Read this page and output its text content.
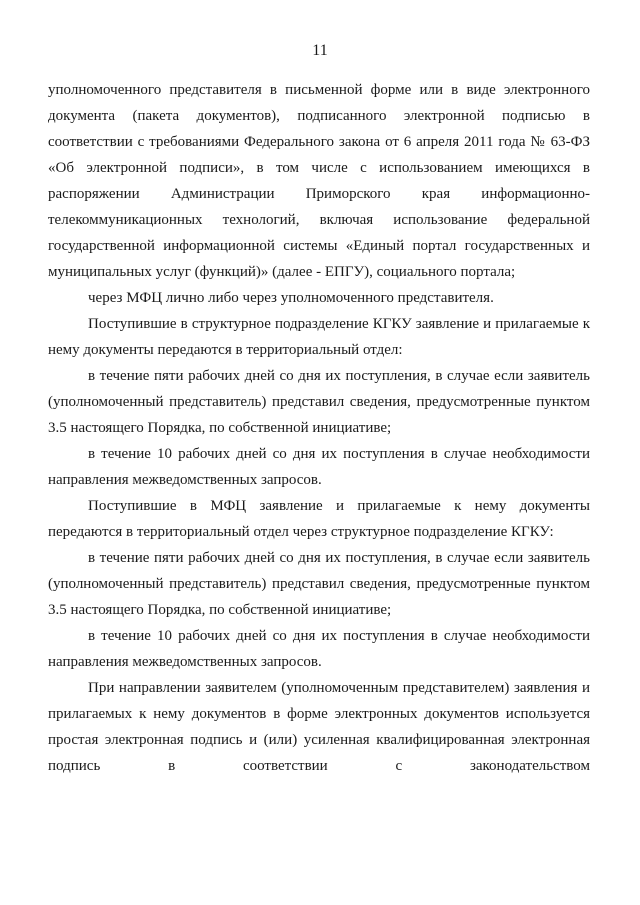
11

уполномоченного представителя в письменной форме или в виде электронного документа (пакета документов), подписанного электронной подписью в соответствии с требованиями Федерального закона от 6 апреля 2011 года № 63-ФЗ «Об электронной подписи», в том числе с использованием имеющихся в распоряжении Администрации Приморского края информационно-телекоммуникационных технологий, включая использование федеральной государственной информационной системы «Единый портал государственных и муниципальных услуг (функций)» (далее - ЕПГУ), социального портала;

через МФЦ лично либо через уполномоченного представителя.

Поступившие в структурное подразделение КГКУ заявление и прилагаемые к нему документы передаются в территориальный отдел:

в течение пяти рабочих дней со дня их поступления, в случае если заявитель (уполномоченный представитель) представил сведения, предусмотренные пунктом 3.5 настоящего Порядка, по собственной инициативе;

в течение 10 рабочих дней со дня их поступления в случае необходимости направления межведомственных запросов.

Поступившие в МФЦ заявление и прилагаемые к нему документы передаются в территориальный отдел через структурное подразделение КГКУ:

в течение пяти рабочих дней со дня их поступления, в случае если заявитель (уполномоченный представитель) представил сведения, предусмотренные пунктом 3.5 настоящего Порядка, по собственной инициативе;

в течение 10 рабочих дней со дня их поступления в случае необходимости направления межведомственных запросов.

При направлении заявителем (уполномоченным представителем) заявления и прилагаемых к нему документов в форме электронных документов используется простая электронная подпись и (или) усиленная квалифицированная электронная подпись в соответствии с законодательством
